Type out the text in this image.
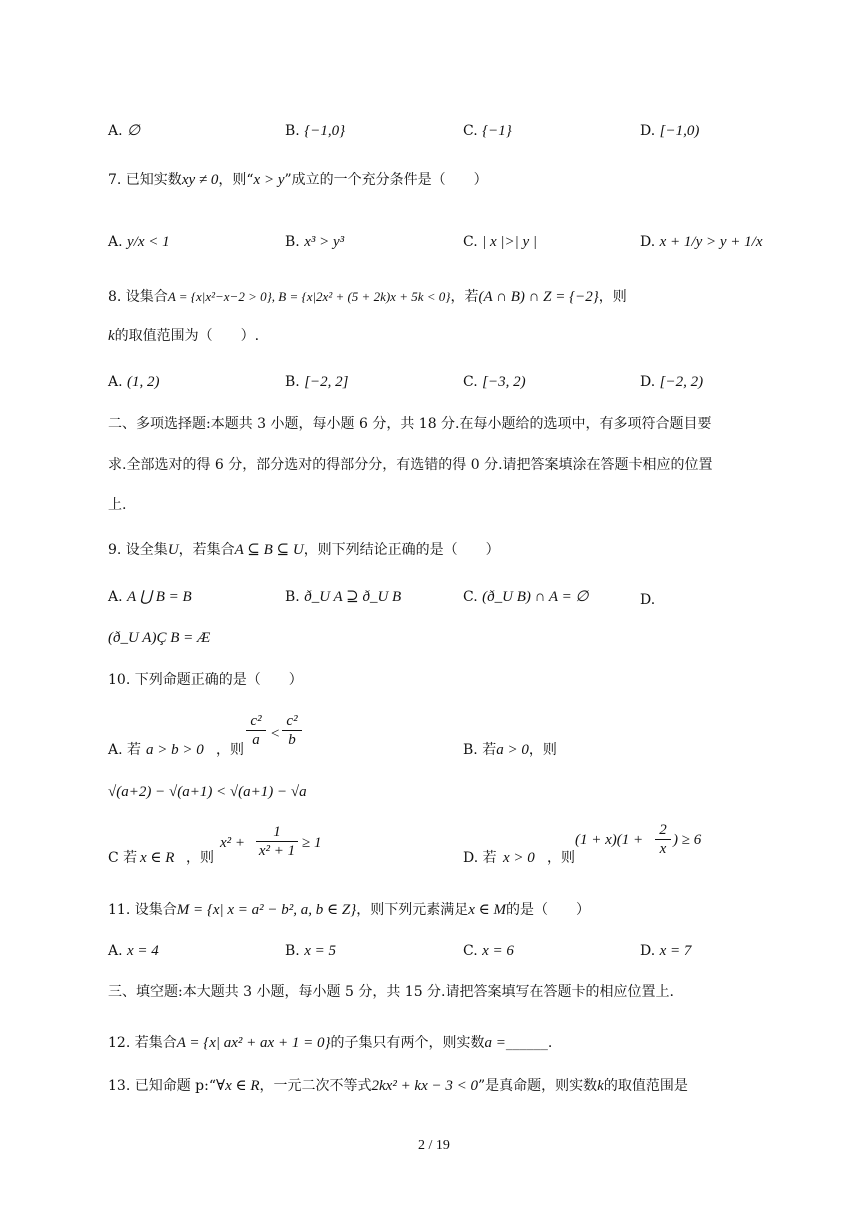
A. ∅	B. {−1,0}	C. {−1}	D. [−1,0)
7. 已知实数xy ≠ 0，则“x > y”成立的一个充分条件是（　　）
A. y/x < 1	B. x³ > y³	C. | x |>| y |	D. x + 1/y > y + 1/x
8. 设集合A = {x|x²−x−2 > 0}, B = {x|2x² + (5 + 2k)x + 5k < 0}，若(A ∩ B) ∩ Z = {−2}，则
k的取值范围为（　　）.
A. (1, 2)	B. [−2, 2]	C. [−3, 2)	D. [−2, 2)
二、多项选择题:本题共 3 小题，每小题 6 分，共 18 分.在每小题给的选项中，有多项符合题目要
求.全部选对的得 6 分，部分选对的得部分分，有选错的得 0 分.请把答案填涂在答题卡相应的位置
上.
9. 设全集U，若集合A ⊆ B ⊆ U，则下列结论正确的是（　　）
A. A ⋃ B = B	B. ð_U A ⊇ ð_U B	C. (ð_U B) ∩ A = ∅	D.
(ð_U A)Ç B = Æ
10. 下列命题正确的是（　　）
A. 若 a > b > 0 ，则
c²
a <
c²
b
B. 若a > 0，则
√(a+2) − √(a+1) < √(a+1) − √a
C 若 x ∈ R ，则
x² +
1
x² + 1 ≥ 1
D. 若 x > 0 ，则
(1 + x)(1 +
2
x
) ≥ 6
11. 设集合M = {x| x = a² − b², a, b ∈ Z}，则下列元素满足x ∈ M的是（　　）
A. x = 4	B. x = 5	C. x = 6	D. x = 7
三、填空题:本大题共 3 小题，每小题 5 分，共 15 分.请把答案填写在答题卡的相应位置上.
12. 若集合A = {x| ax² + ax + 1 = 0}的子集只有两个，则实数a =______.
13. 已知命题 p:“∀x ∈ R，一元二次不等式2kx² + kx − 3 < 0”是真命题，则实数k的取值范围是
2 / 19
